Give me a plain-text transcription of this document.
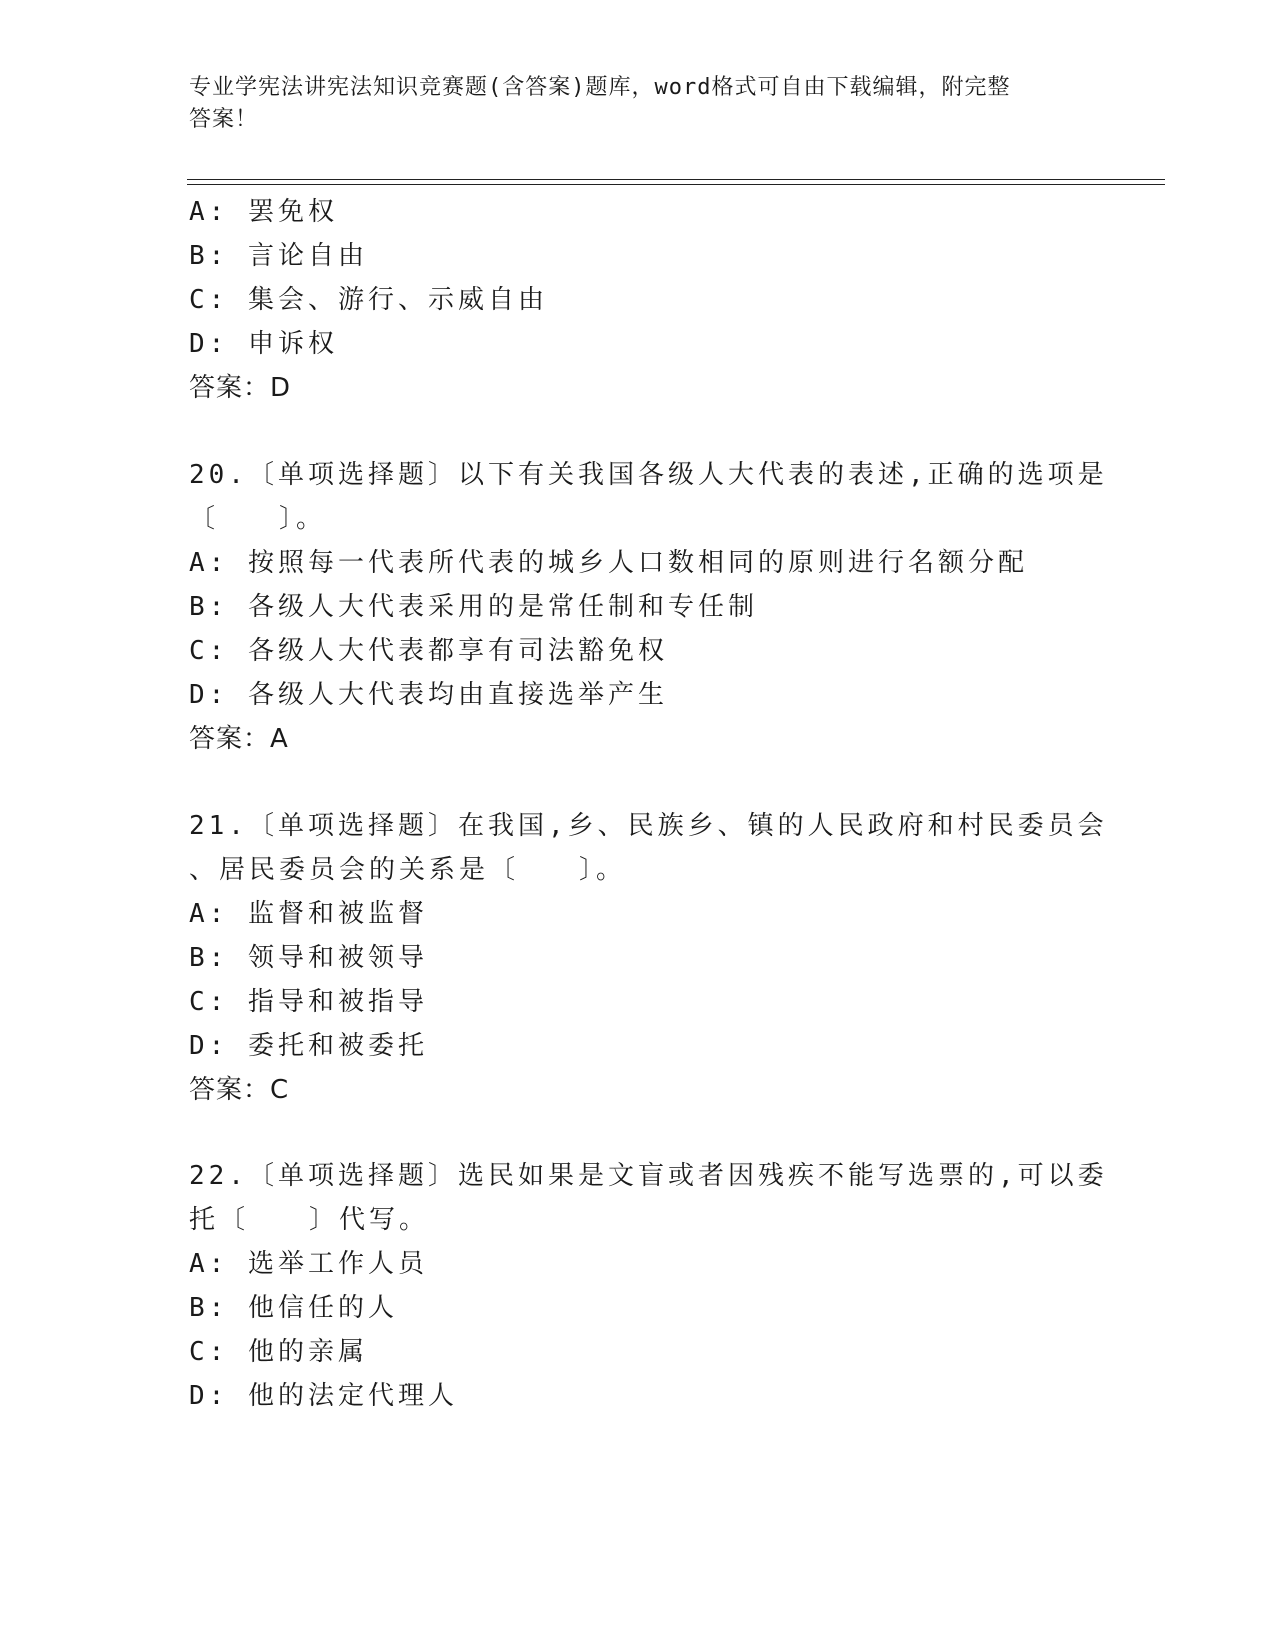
专业学宪法讲宪法知识竞赛题(含答案)题库，word格式可自由下载编辑，附完整
答案！
A: 罢免权
B: 言论自由
C: 集会、游行、示威自由
D: 申诉权
答案：D
20.〔单项选择题〕以下有关我国各级人大代表的表述,正确的选项是
〔　　〕。
A: 按照每一代表所代表的城乡人口数相同的原则进行名额分配
B: 各级人大代表采用的是常任制和专任制
C: 各级人大代表都享有司法豁免权
D: 各级人大代表均由直接选举产生
答案：A
21.〔单项选择题〕在我国,乡、民族乡、镇的人民政府和村民委员会
、居民委员会的关系是〔　　〕。
A: 监督和被监督
B: 领导和被领导
C: 指导和被指导
D: 委托和被委托
答案：C
22.〔单项选择题〕选民如果是文盲或者因残疾不能写选票的,可以委
托〔　　〕代写。
A: 选举工作人员
B: 他信任的人
C: 他的亲属
D: 他的法定代理人
